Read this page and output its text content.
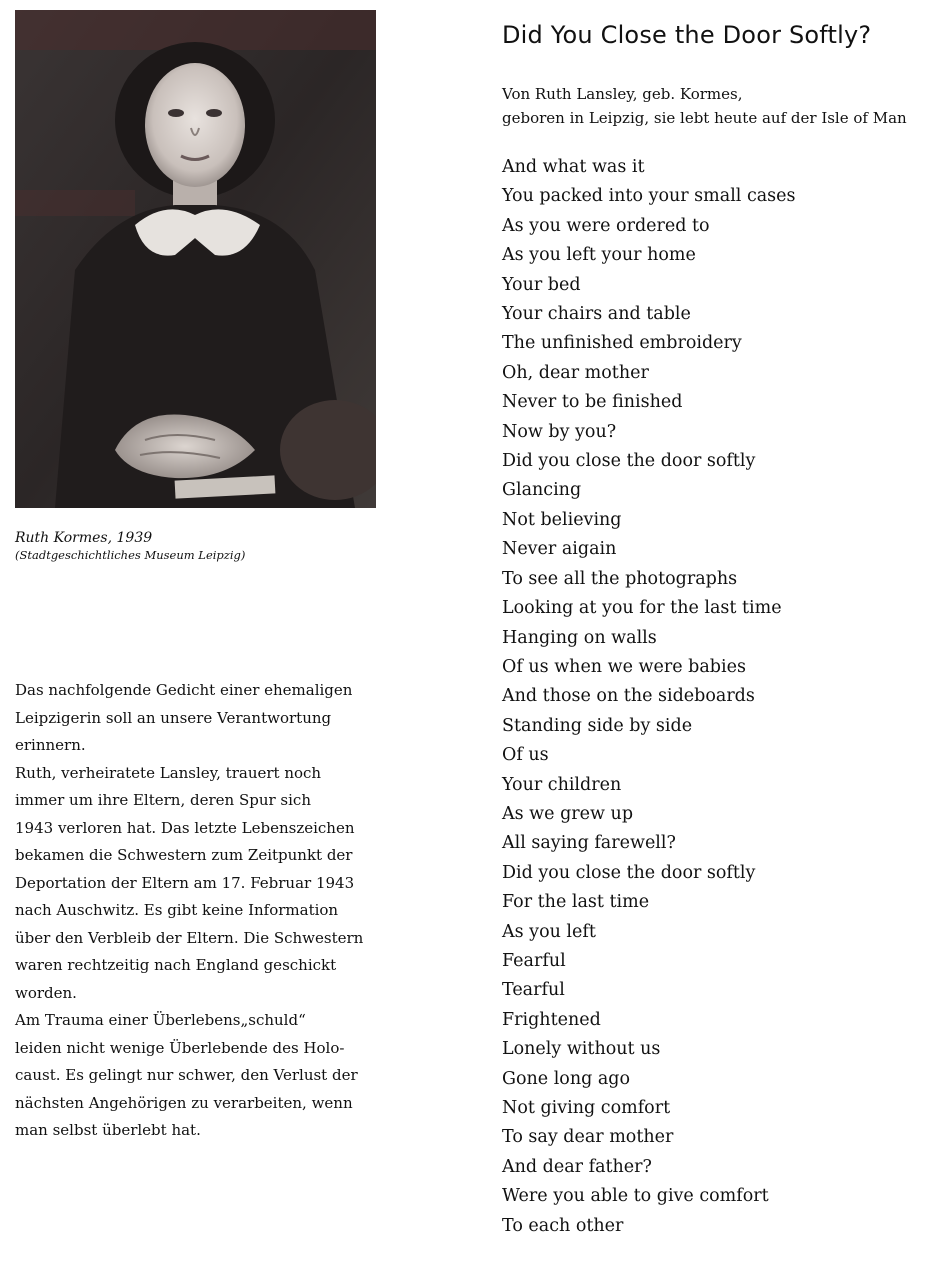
Ruth Kormes, 1939

(Stadtgeschichtliches Museum Leipzig)

Das nachfolgende Gedicht einer ehemaligen
Leipzigerin soll an unsere Verantwortung
erinnern.
Ruth, verheiratete Lansley, trauert noch
immer um ihre Eltern, deren Spur sich
1943 verloren hat. Das letzte Lebenszeichen
bekamen die Schwestern zum Zeitpunkt der
Deportation der Eltern am 17. Februar 1943
nach Auschwitz. Es gibt keine Information
über den Verbleib der Eltern. Die Schwestern
waren rechtzeitig nach England geschickt
worden.
Am Trauma einer Überlebens„schuld“
leiden nicht wenige Überlebende des Holo-
caust. Es gelingt nur schwer, den Verlust der
nächsten Angehörigen zu verarbeiten, wenn
man selbst überlebt hat.
Did You Close the Door Softly?
Von Ruth Lansley, geb. Kormes,
geboren in Leipzig, sie lebt heute auf der Isle of Man
And what was it
You packed into your small cases
As you were ordered to
As you left your home
Your bed
Your chairs and table
The unfinished embroidery
Oh, dear mother
Never to be finished
Now by you?
Did you close the door softly
Glancing
Not believing
Never aigain
To see all the photographs
Looking at you for the last time
Hanging on walls
Of us when we were babies
And those on the sideboards
Standing side by side
Of us
Your children
As we grew up
All saying farewell?
Did you close the door softly
For the last time
As you left
Fearful
Tearful
Frightened
Lonely without us
Gone long ago
Not giving comfort
To say dear mother
And dear father?
Were you able to give comfort
To each other
